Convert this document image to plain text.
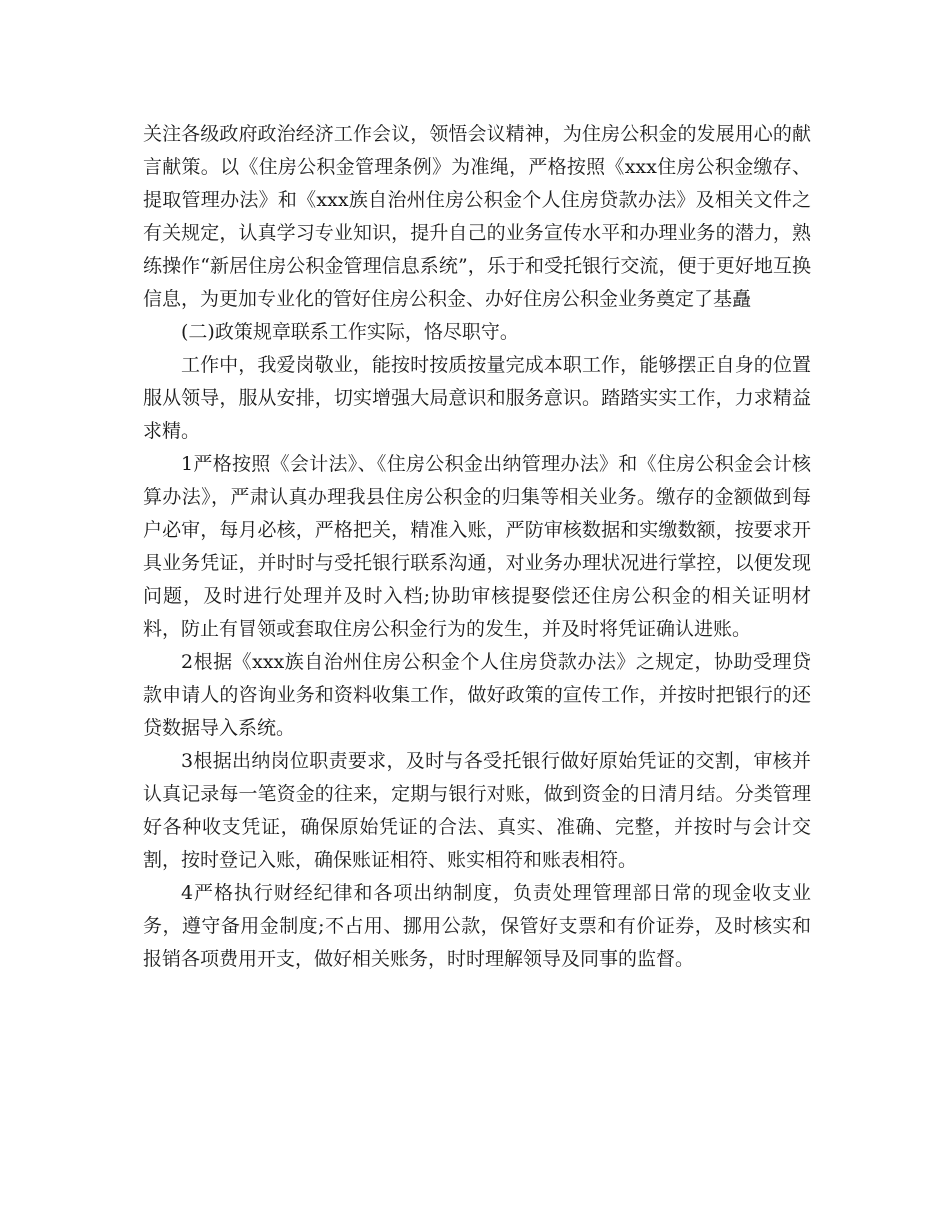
关注各级政府政治经济工作会议，领悟会议精神，为住房公积金的发展用心的献言献策。以《住房公积金管理条例》为准绳，严格按照《xxx住房公积金缴存、提取管理办法》和《xxx族自治州住房公积金个人住房贷款办法》及相关文件之有关规定，认真学习专业知识，提升自己的业务宣传水平和办理业务的潜力，熟练操作“新居住房公积金管理信息系统”，乐于和受托银行交流，便于更好地互换信息，为更加专业化的管好住房公积金、办好住房公积金业务奠定了基矗

(二)政策规章联系工作实际，恪尽职守。

工作中，我爱岗敬业，能按时按质按量完成本职工作，能够摆正自身的位置服从领导，服从安排，切实增强大局意识和服务意识。踏踏实实工作，力求精益求精。

1严格按照《会计法》、《住房公积金出纳管理办法》和《住房公积金会计核算办法》，严肃认真办理我县住房公积金的归集等相关业务。缴存的金额做到每户必审，每月必核，严格把关，精准入账，严防审核数据和实缴数额，按要求开具业务凭证，并时时与受托银行联系沟通，对业务办理状况进行掌控，以便发现问题，及时进行处理并及时入档;协助审核提娶偿还住房公积金的相关证明材料，防止有冒领或套取住房公积金行为的发生，并及时将凭证确认进账。

2根据《xxx族自治州住房公积金个人住房贷款办法》之规定，协助受理贷款申请人的咨询业务和资料收集工作，做好政策的宣传工作，并按时把银行的还贷数据导入系统。

3根据出纳岗位职责要求，及时与各受托银行做好原始凭证的交割，审核并认真记录每一笔资金的往来，定期与银行对账，做到资金的日清月结。分类管理好各种收支凭证，确保原始凭证的合法、真实、准确、完整，并按时与会计交割，按时登记入账，确保账证相符、账实相符和账表相符。

4严格执行财经纪律和各项出纳制度，负责处理管理部日常的现金收支业务，遵守备用金制度;不占用、挪用公款，保管好支票和有价证券，及时核实和报销各项费用开支，做好相关账务，时时理解领导及同事的监督。
